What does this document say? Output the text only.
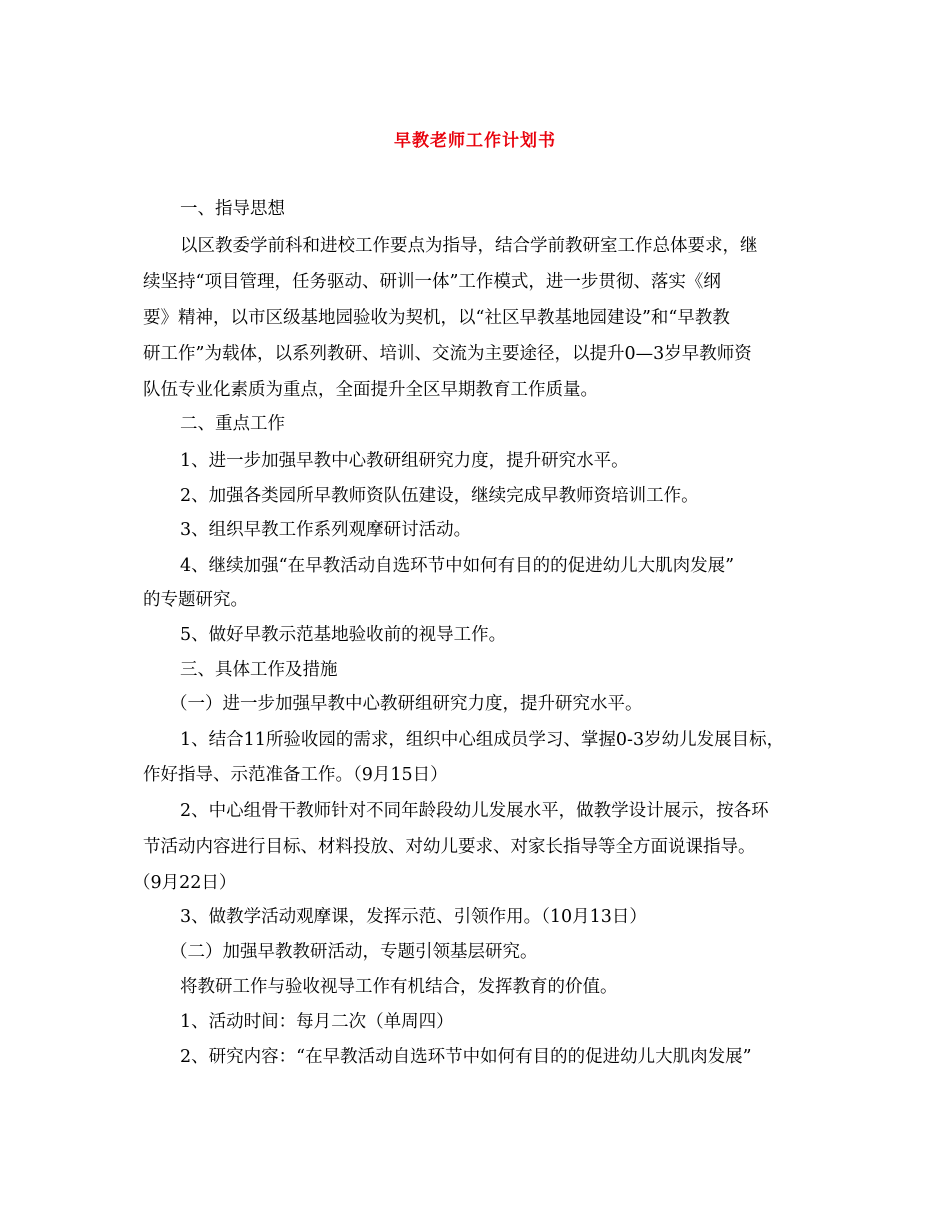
早教老师工作计划书
一、指导思想
以区教委学前科和进校工作要点为指导，结合学前教研室工作总体要求，继
续坚持“项目管理，任务驱动、研训一体”工作模式，进一步贯彻、落实《纲
要》精神，以市区级基地园验收为契机，以“社区早教基地园建设”和“早教教
研工作”为载体，以系列教研、培训、交流为主要途径，以提升0—3岁早教师资
队伍专业化素质为重点，全面提升全区早期教育工作质量。
二、重点工作
1、进一步加强早教中心教研组研究力度，提升研究水平。
2、加强各类园所早教师资队伍建设，继续完成早教师资培训工作。
3、组织早教工作系列观摩研讨活动。
4、继续加强“在早教活动自选环节中如何有目的的促进幼儿大肌肉发展”
的专题研究。
5、做好早教示范基地验收前的视导工作。
三、具体工作及措施
（一）进一步加强早教中心教研组研究力度，提升研究水平。
1、结合11所验收园的需求，组织中心组成员学习、掌握0-3岁幼儿发展目标，
作好指导、示范准备工作。（9月15日）
2、中心组骨干教师针对不同年龄段幼儿发展水平，做教学设计展示，按各环
节活动内容进行目标、材料投放、对幼儿要求、对家长指导等全方面说课指导。
（9月22日）
3、做教学活动观摩课，发挥示范、引领作用。（10月13日）
（二）加强早教教研活动，专题引领基层研究。
将教研工作与验收视导工作有机结合，发挥教育的价值。
1、活动时间：每月二次（单周四）
2、研究内容：“在早教活动自选环节中如何有目的的促进幼儿大肌肉发展”
